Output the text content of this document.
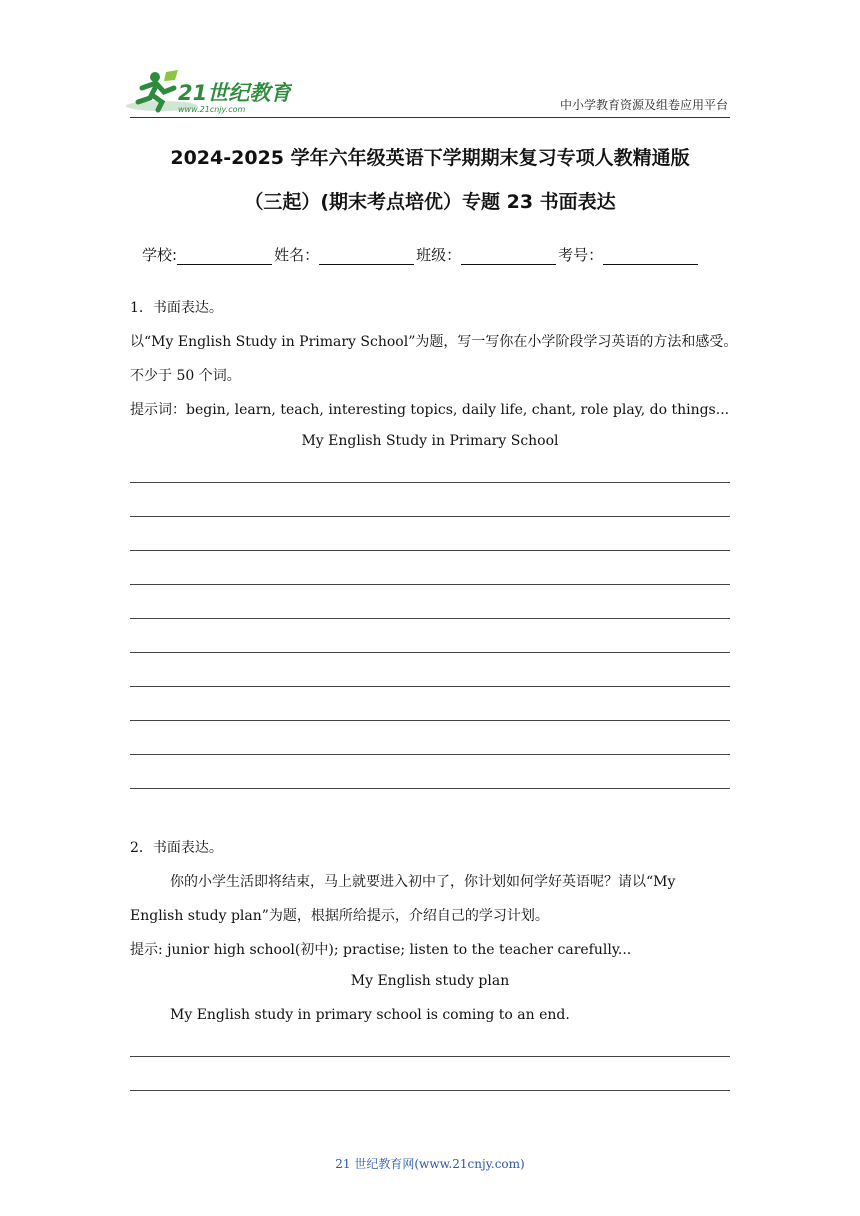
21世纪教育
www.21cnjy.com	中小学教育资源及组卷应用平台
2024-2025 学年六年级英语下学期期末复习专项人教精通版
（三起）(期末考点培优）专题 23 书面表达
学校:	姓名：	班级：	考号：
1．书面表达。
以“My English Study in Primary School”为题，写一写你在小学阶段学习英语的方法和感受。
不少于 50 个词。
提示词：begin, learn, teach, interesting topics, daily life, chant, role play, do things...
My English Study in Primary School
2．书面表达。
你的小学生活即将结束，马上就要进入初中了，你计划如何学好英语呢？请以“My
English study plan”为题，根据所给提示，介绍自己的学习计划。
提示: junior high school(初中); practise; listen to the teacher carefully...
My English study plan
My English study in primary school is coming to an end.
21 世纪教育网(www.21cnjy.com)
